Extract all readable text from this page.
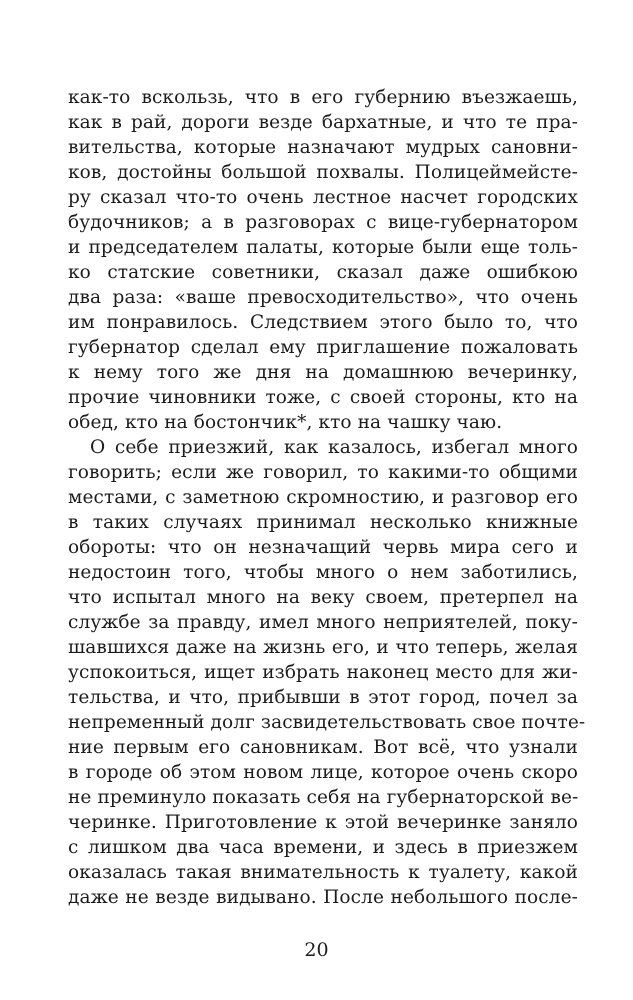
как-то вскользь, что в его губернию въезжаешь,
как в рай, дороги везде бархатные, и что те пра-
вительства, которые назначают мудрых сановни-
ков, достойны большой похвалы. Полицеймейсте-
ру сказал что-то очень лестное насчет городских
будочников; а в разговорах с вице-губернатором
и председателем палаты, которые были еще толь-
ко статские советники, сказал даже ошибкою
два раза: «ваше превосходительство», что очень
им понравилось. Следствием этого было то, что
губернатор сделал ему приглашение пожаловать
к нему того же дня на домашнюю вечеринку,
прочие чиновники тоже, с своей стороны, кто на
обед, кто на бостончик*, кто на чашку чаю.
О себе приезжий, как казалось, избегал много
говорить; если же говорил, то какими-то общими
местами, с заметною скромностию, и разговор его
в таких случаях принимал несколько книжные
обороты: что он незначащий червь мира сего и
недостоин того, чтобы много о нем заботились,
что испытал много на веку своем, претерпел на
службе за правду, имел много неприятелей, поку-
шавшихся даже на жизнь его, и что теперь, желая
успокоиться, ищет избрать наконец место для жи-
тельства, и что, прибывши в этот город, почел за
непременный долг засвидетельствовать свое почте-
ние первым его сановникам. Вот всё, что узнали
в городе об этом новом лице, которое очень скоро
не преминуло показать себя на губернаторской ве-
черинке. Приготовление к этой вечеринке заняло
с лишком два часа времени, и здесь в приезжем
оказалась такая внимательность к туалету, какой
даже не везде видывано. После небольшого после-
20
